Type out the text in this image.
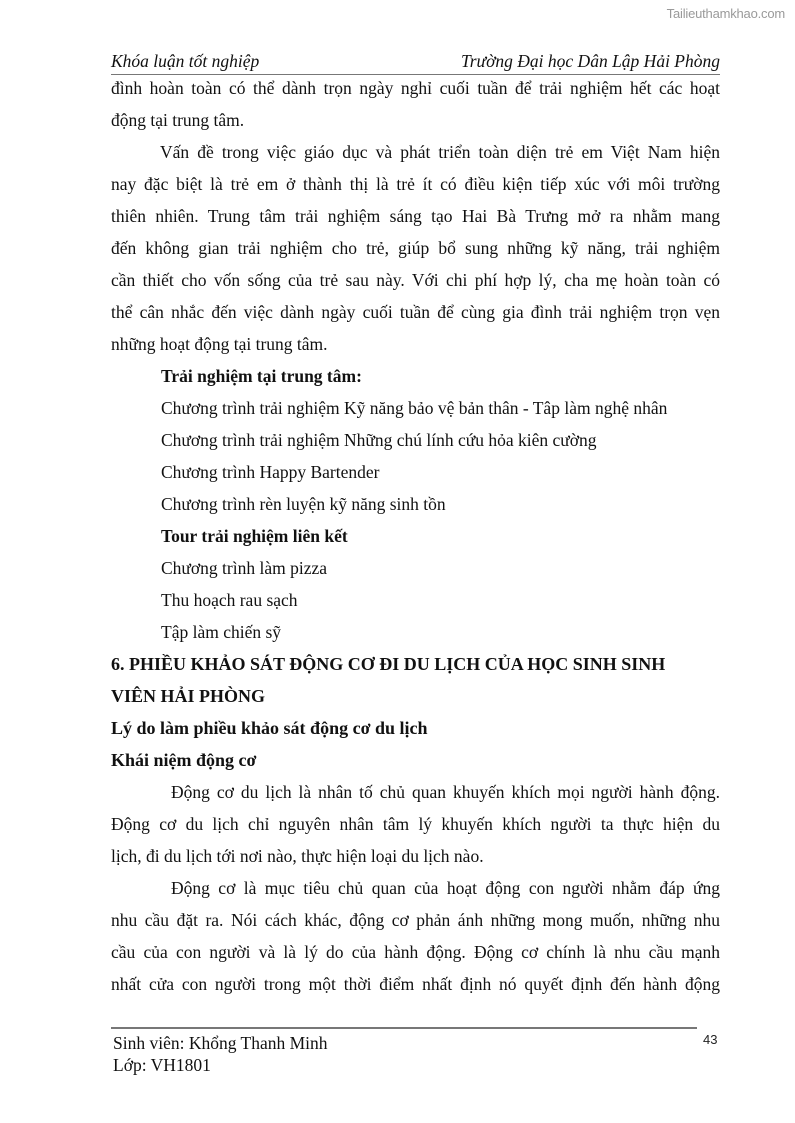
Tailieuthamkhao.com
Khóa luận tốt nghiệp	Trường Đại học Dân Lập Hải Phòng
đình hoàn toàn có thể dành trọn ngày nghỉ cuối tuần để trải nghiệm hết các hoạt
động tại trung tâm.
Vấn đề trong việc giáo dục và phát triển toàn diện trẻ em Việt Nam hiện
nay đặc biệt là trẻ em ở thành thị là trẻ ít có điều kiện tiếp xúc với môi trường
thiên nhiên. Trung tâm trải nghiệm sáng tạo Hai Bà Trưng mở ra nhằm mang
đến không gian trải nghiệm cho trẻ, giúp bổ sung những kỹ năng, trải nghiệm
cần thiết cho vốn sống của trẻ sau này. Với chi phí hợp lý, cha mẹ hoàn toàn có
thể cân nhắc đến việc dành ngày cuối tuần để cùng gia đình trải nghiệm trọn vẹn
những hoạt động tại trung tâm.
Trải nghiệm tại trung tâm:
Chương trình trải nghiệm Kỹ năng bảo vệ bản thân - Tâp làm nghệ nhân
Chương trình trải nghiệm Những chú lính cứu hỏa kiên cường
Chương trình Happy Bartender
Chương trình rèn luyện kỹ năng sinh tồn
Tour trải nghiệm liên kết
Chương trình làm pizza
Thu hoạch rau sạch
Tập làm chiến sỹ
6. PHIỀU KHẢO SÁT ĐỘNG CƠ ĐI DU LỊCH CỦA HỌC SINH SINH
VIÊN HẢI PHÒNG
Lý do làm phiều khảo sát động cơ du lịch
Khái niệm động cơ
Động cơ du lịch là nhân tố chủ quan khuyến khích mọi người hành động.
Động cơ du lịch chỉ nguyên nhân tâm lý khuyến khích người ta thực hiện du
lịch, đi du lịch tới nơi nào, thực hiện loại du lịch nào.
Động cơ là mục tiêu chủ quan của hoạt động con người nhằm đáp ứng
nhu cầu đặt ra. Nói cách khác, động cơ phản ánh những mong muốn, những nhu
cầu của con người và là lý do của hành động. Động cơ chính là nhu cầu mạnh
nhất cửa con người trong một thời điểm nhất định nó quyết định đến hành động
Sinh viên: Khổng Thanh Minh
Lớp: VH1801
43
